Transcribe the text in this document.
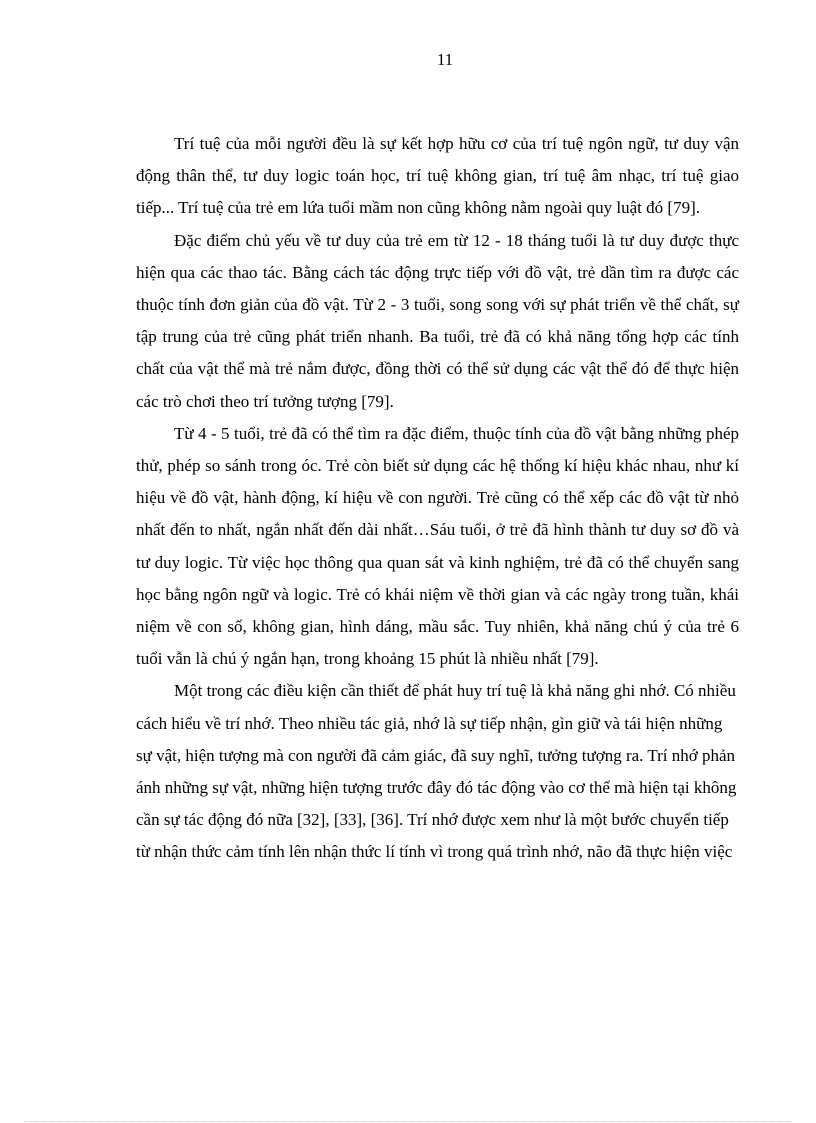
11

Trí tuệ của mỗi người đều là sự kết hợp hữu cơ của trí tuệ ngôn ngữ, tư duy vận động thân thể, tư duy logic toán học, trí tuệ không gian, trí tuệ âm nhạc, trí tuệ giao tiếp... Trí tuệ của trẻ em lứa tuổi mầm non cũng không nằm ngoài quy luật đó [79].

Đặc điểm chủ yếu về tư duy của trẻ em từ 12 - 18 tháng tuổi là tư duy được thực hiện qua các thao tác. Bằng cách tác động trực tiếp với đồ vật, trẻ dần tìm ra được các thuộc tính đơn giản của đồ vật. Từ 2 - 3 tuổi, song song với sự phát triển về thể chất, sự tập trung của trẻ cũng phát triển nhanh. Ba tuổi, trẻ đã có khả năng tổng hợp các tính chất của vật thể mà trẻ nắm được, đồng thời có thể sử dụng các vật thể đó để thực hiện các trò chơi theo trí tưởng tượng [79].

Từ 4 - 5 tuổi, trẻ đã có thể tìm ra đặc điểm, thuộc tính của đồ vật bằng những phép thử, phép so sánh trong óc. Trẻ còn biết sử dụng các hệ thống kí hiệu khác nhau, như kí hiệu về đồ vật, hành động, kí hiệu về con người. Trẻ cũng có thể xếp các đồ vật từ nhỏ nhất đến to nhất, ngắn nhất đến dài nhất…Sáu tuổi, ở trẻ đã hình thành tư duy sơ đồ và tư duy logic. Từ việc học thông qua quan sát và kinh nghiệm, trẻ đã có thể chuyển sang học bằng ngôn ngữ và logic. Trẻ có khái niệm về thời gian và các ngày trong tuần, khái niệm về con số, không gian, hình dáng, mầu sắc. Tuy nhiên, khả năng chú ý của trẻ 6 tuổi vẫn là chú ý ngắn hạn, trong khoảng 15 phút là nhiều nhất [79].

Một trong các điều kiện cần thiết để phát huy trí tuệ là khả năng ghi nhớ. Có nhiều cách hiểu về trí nhớ. Theo nhiều tác giả, nhớ là sự tiếp nhận, gìn giữ và tái hiện những sự vật, hiện tượng mà con người đã cảm giác, đã suy nghĩ, tưởng tượng ra. Trí nhớ phản ánh những sự vật, những hiện tượng trước đây đó tác động vào cơ thể mà hiện tại không cần sự tác động đó nữa [32], [33], [36]. Trí nhớ được xem như là một bước chuyển tiếp từ nhận thức cảm tính lên nhận thức lí tính vì trong quá trình nhớ, não đã thực hiện việc
